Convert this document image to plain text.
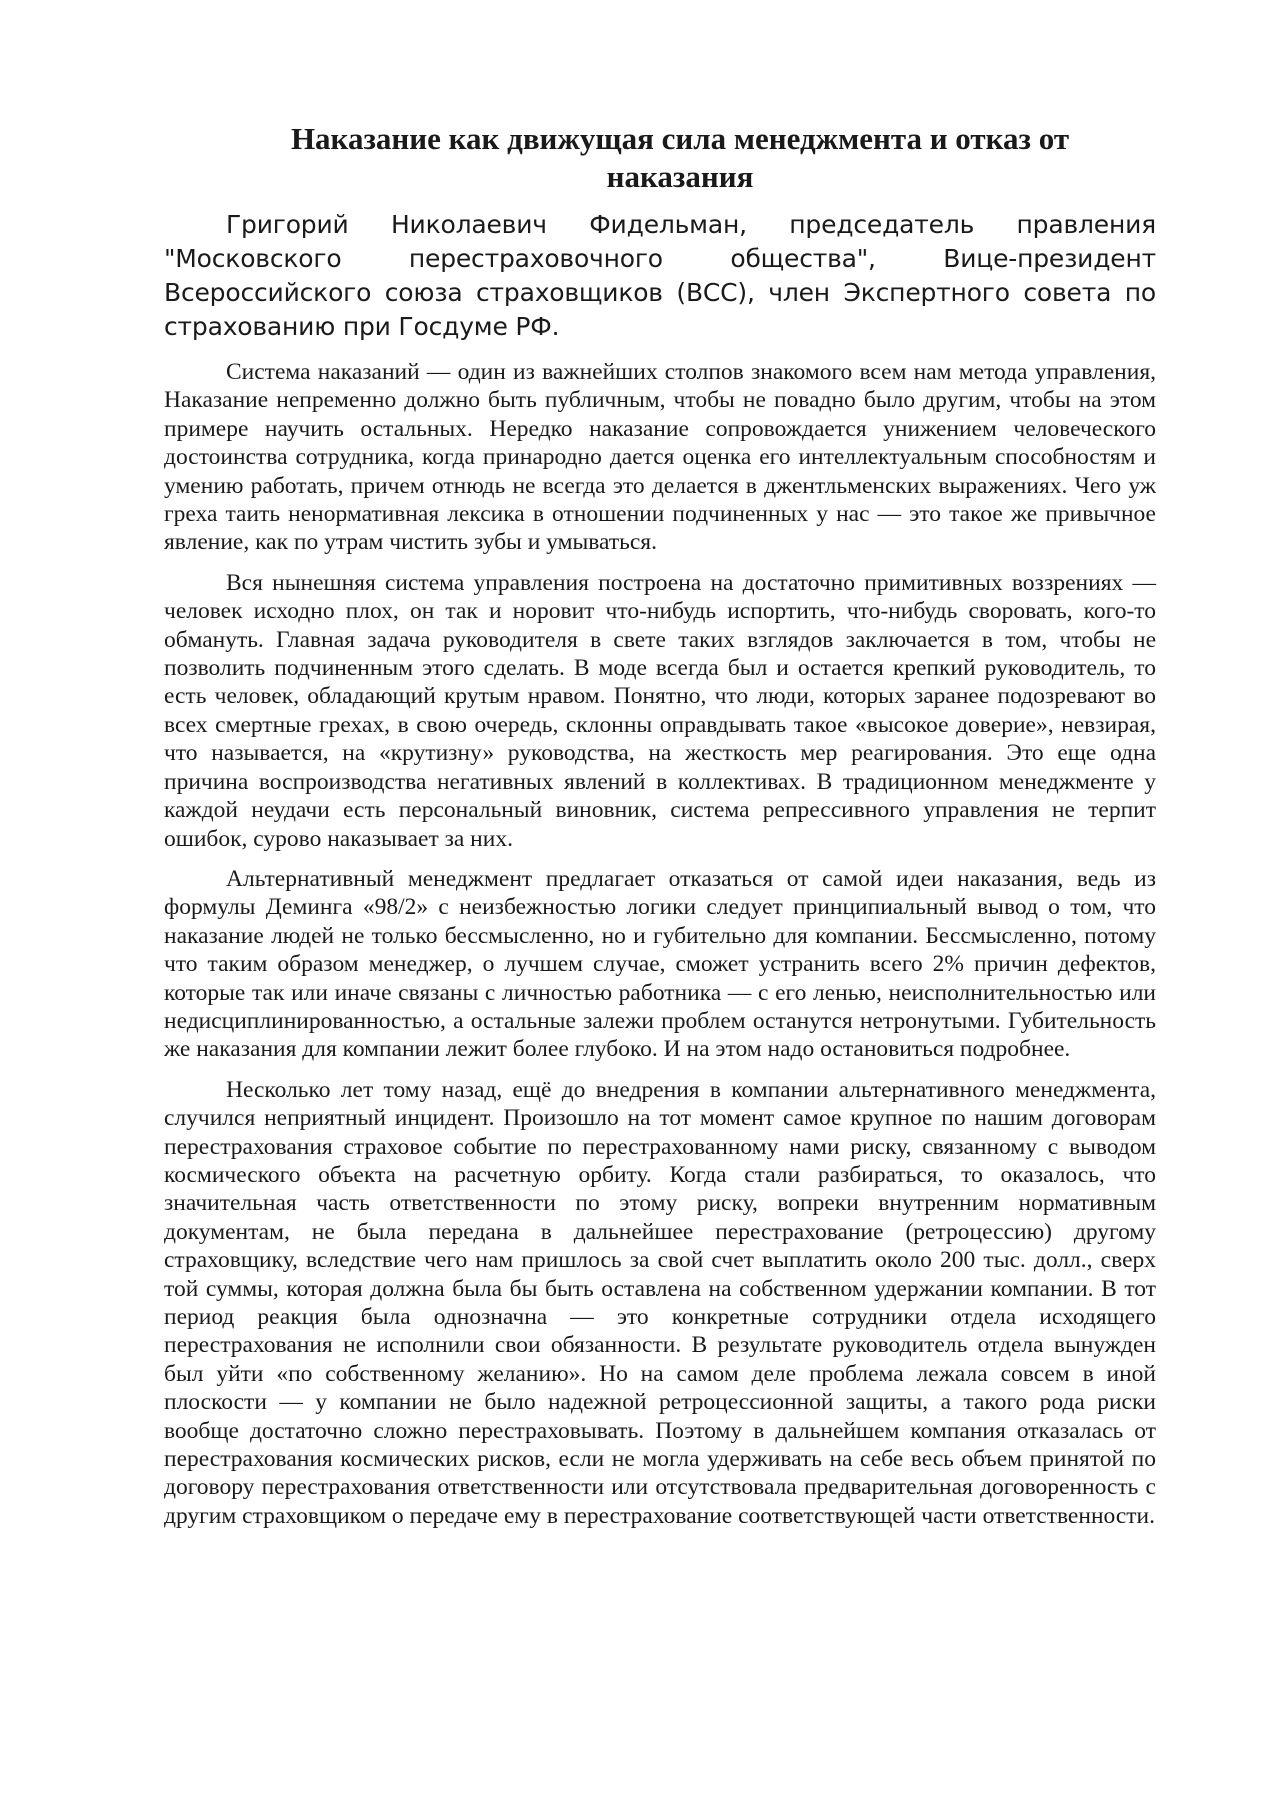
Наказание как движущая сила менеджмента и отказ от наказания

Григорий Николаевич Фидельман, председатель правления "Московского перестраховочного общества", Вице-президент Всероссийского союза страховщиков (ВСС), член Экспертного совета по страхованию при Госдуме РФ.

Система наказаний — один из важнейших столпов знакомого всем нам метода управления, Наказание непременно должно быть публичным, чтобы не повадно было другим, чтобы на этом примере научить остальных. Нередко наказание сопровождается унижением человеческого достоинства сотрудника, когда принародно дается оценка его интеллектуальным способностям и умению работать, причем отнюдь не всегда это делается в джентльменских выражениях. Чего уж греха таить ненормативная лексика в отношении подчиненных у нас — это такое же привычное явление, как по утрам чистить зубы и умываться.

Вся нынешняя система управления построена на достаточно примитивных воззрениях — человек исходно плох, он так и норовит что-нибудь испортить, что-нибудь своровать, кого-то обмануть. Главная задача руководителя в свете таких взглядов заключается в том, чтобы не позволить подчиненным этого сделать. В моде всегда был и остается крепкий руководитель, то есть человек, обладающий крутым нравом. Понятно, что люди, которых заранее подозревают во всех смертные грехах, в свою очередь, склонны оправдывать такое «высокое доверие», невзирая, что называется, на «крутизну» руководства, на жесткость мер реагирования. Это еще одна причина воспроизводства негативных явлений в коллективах. В традиционном менеджменте у каждой неудачи есть персональный виновник, система репрессивного управления не терпит ошибок, сурово наказывает за них.

Альтернативный менеджмент предлагает отказаться от самой идеи наказания, ведь из формулы Деминга «98/2» с неизбежностью логики следует принципиальный вывод о том, что наказание людей не только бессмысленно, но и губительно для компании. Бессмысленно, потому что таким образом менеджер, о лучшем случае, сможет устранить всего 2% причин дефектов, которые так или иначе связаны с личностью работника — с его ленью, неисполнительностью или недисциплинированностью, а остальные залежи проблем останутся нетронутыми. Губительность же наказания для компании лежит более глубоко. И на этом надо остановиться подробнее.

Несколько лет тому назад, ещё до внедрения в компании альтернативного менеджмента, случился неприятный инцидент. Произошло на тот момент самое крупное по нашим договорам перестрахования страховое событие по перестрахованному нами риску, связанному с выводом космического объекта на расчетную орбиту. Когда стали разбираться, то оказалось, что значительная часть ответственности по этому риску, вопреки внутренним нормативным документам, не была передана в дальнейшее перестрахование (ретроцессию) другому страховщику, вследствие чего нам пришлось за свой счет выплатить около 200 тыс. долл., сверх той суммы, которая должна была бы быть оставлена на собственном удержании компании. В тот период реакция была однозначна — это конкретные сотрудники отдела исходящего перестрахования не исполнили свои обязанности. В результате руководитель отдела вынужден был уйти «по собственному желанию». Но на самом деле проблема лежала совсем в иной плоскости — у компании не было надежной ретроцессионной защиты, а такого рода риски вообще достаточно сложно перестраховывать. Поэтому в дальнейшем компания отказалась от перестрахования космических рисков, если не могла удерживать на себе весь объем принятой по договору перестрахования ответственности или отсутствовала предварительная договоренность с другим страховщиком о передаче ему в перестрахование соответствующей части ответственности.
